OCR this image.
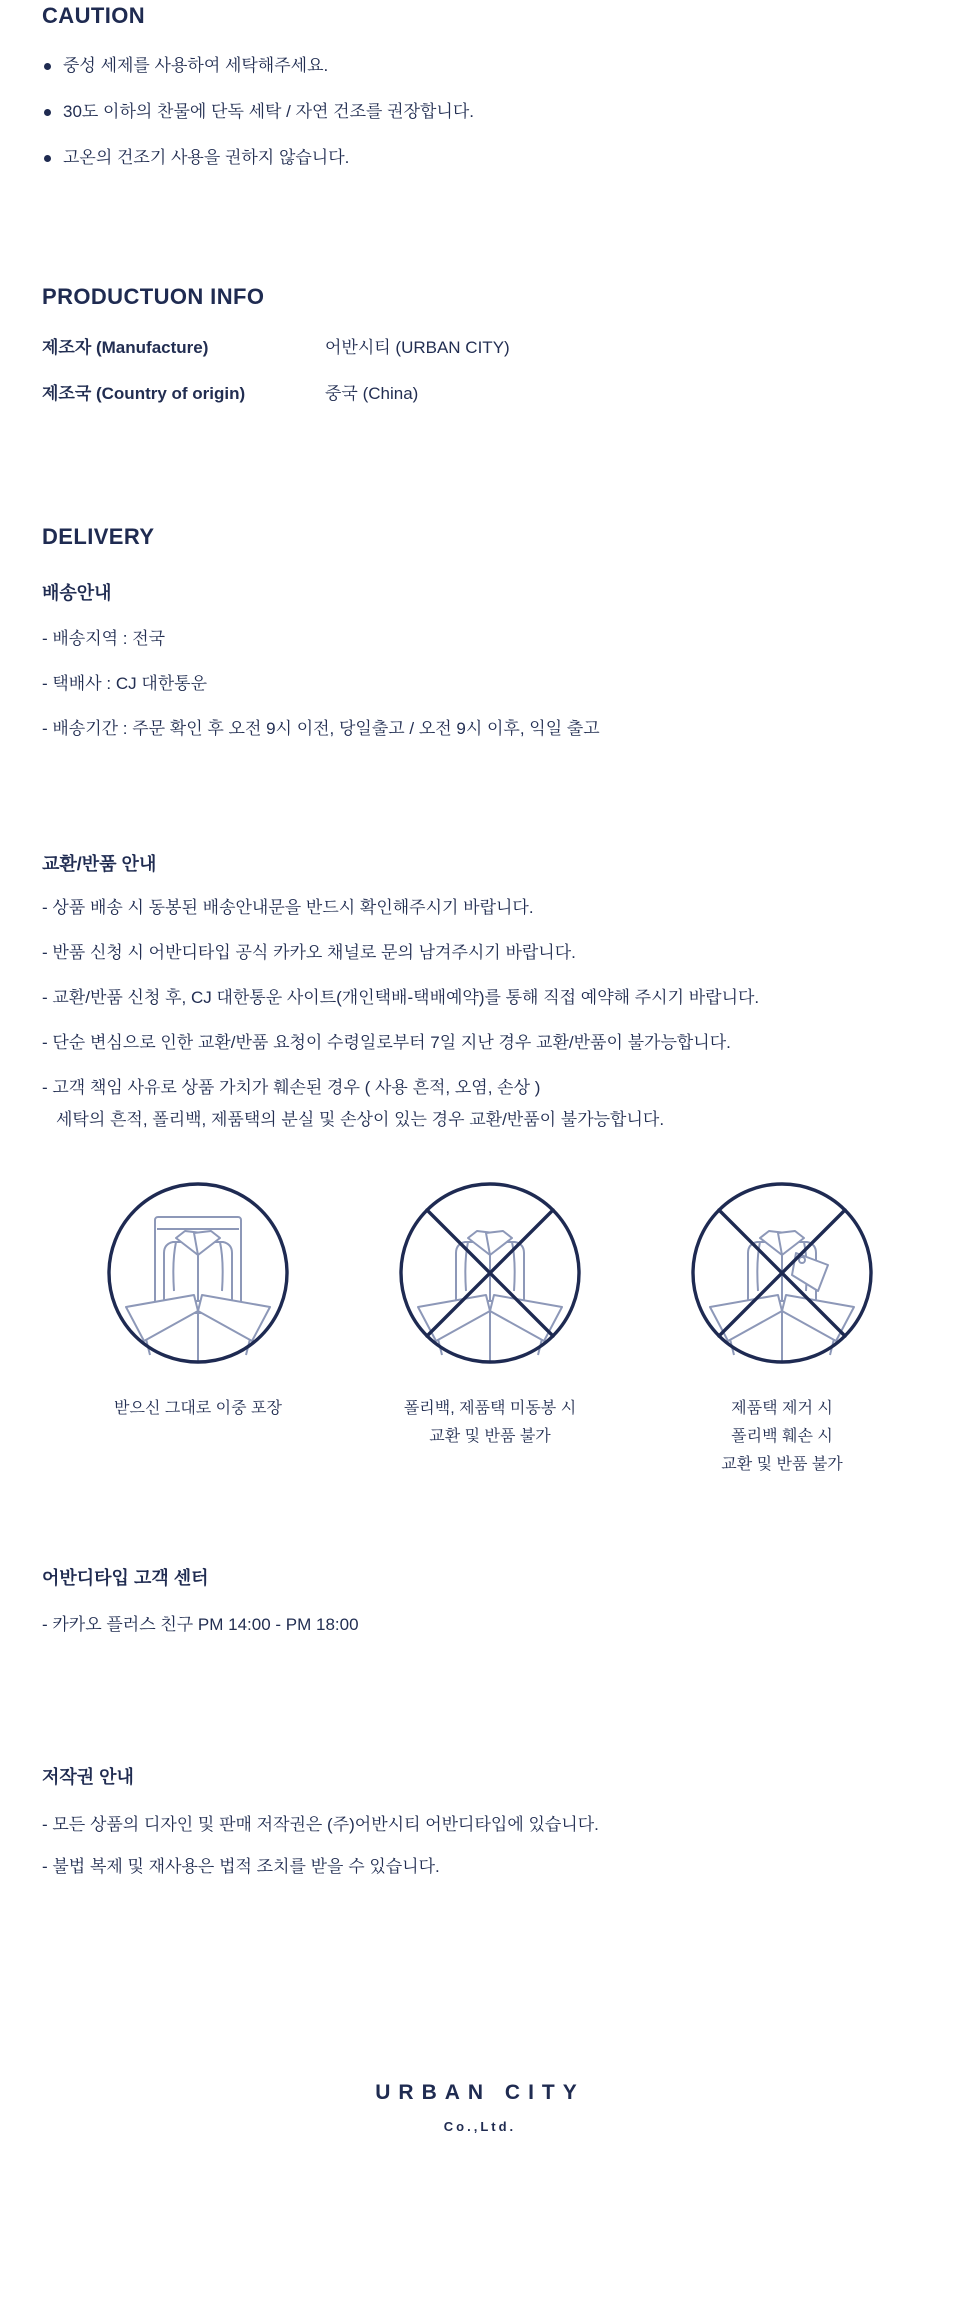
CAUTION
중성 세제를 사용하여 세탁해주세요.
30도 이하의 찬물에 단독 세탁 / 자연 건조를 권장합니다.
고온의 건조기 사용을 권하지 않습니다.
PRODUCTUON INFO
제조자 (Manufacture)	어반시티 (URBAN CITY)
제조국 (Country of origin)	중국 (China)
DELIVERY
배송안내
- 배송지역 : 전국
- 택배사 : CJ 대한통운
- 배송기간 : 주문 확인 후 오전 9시 이전, 당일출고 / 오전 9시 이후, 익일 출고
교환/반품 안내
- 상품 배송 시 동봉된 배송안내문을 반드시 확인해주시기 바랍니다.
- 반품 신청 시 어반디타입 공식 카카오 채널로 문의 남겨주시기 바랍니다.
- 교환/반품 신청 후, CJ 대한통운 사이트(개인택배-택배예약)를 통해 직접 예약해 주시기 바랍니다.
- 단순 변심으로 인한 교환/반품 요청이 수령일로부터 7일 지난 경우 교환/반품이 불가능합니다.
- 고객 책임 사유로 상품 가치가 훼손된 경우 ( 사용 흔적, 오염, 손상 )
세탁의 흔적, 폴리백, 제품택의 분실 및 손상이 있는 경우 교환/반품이 불가능합니다.
받으신 그대로 이중 포장	폴리백, 제품택 미동봉 시
교환 및 반품 불가
제품택 제거 시
폴리백 훼손 시
교환 및 반품 불가
어반디타입 고객 센터
- 카카오 플러스 친구 PM 14:00 - PM 18:00
저작권 안내
- 모든 상품의 디자인 및 판매 저작권은 (주)어반시티 어반디타입에 있습니다.
- 불법 복제 및 재사용은 법적 조치를 받을 수 있습니다.
URBAN CITY
Co.,Ltd.
